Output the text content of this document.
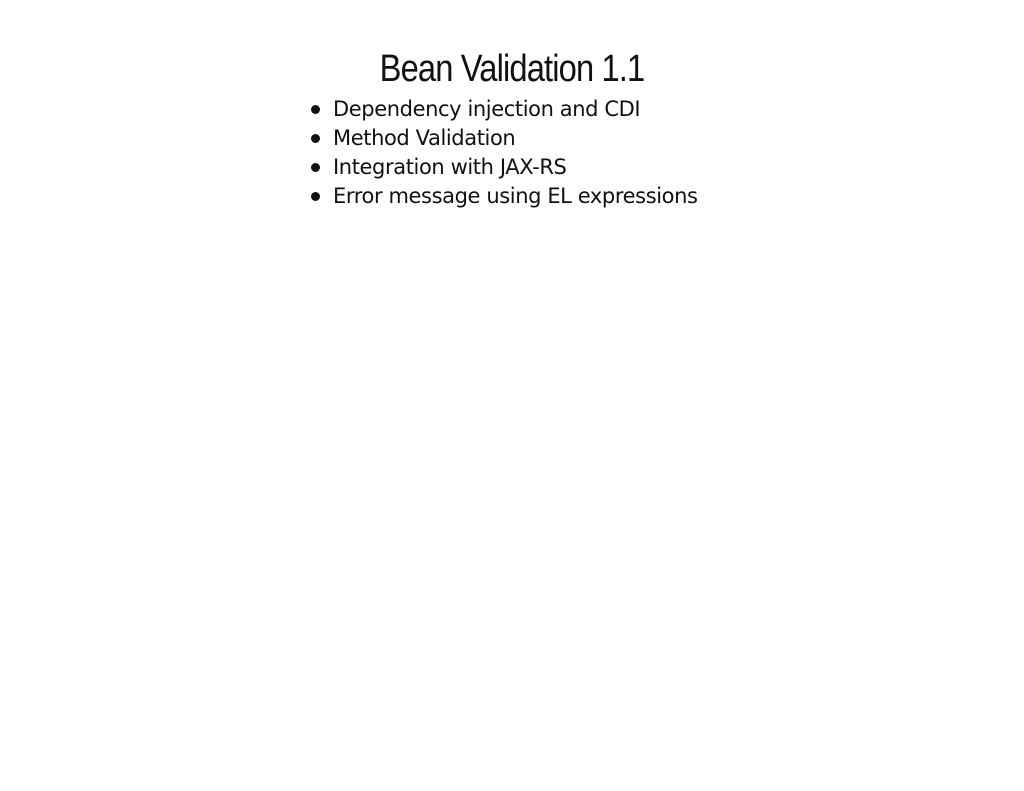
Bean Validation 1.1
Dependency injection and CDI
Method Validation
Integration with JAX-RS
Error message using EL expressions
